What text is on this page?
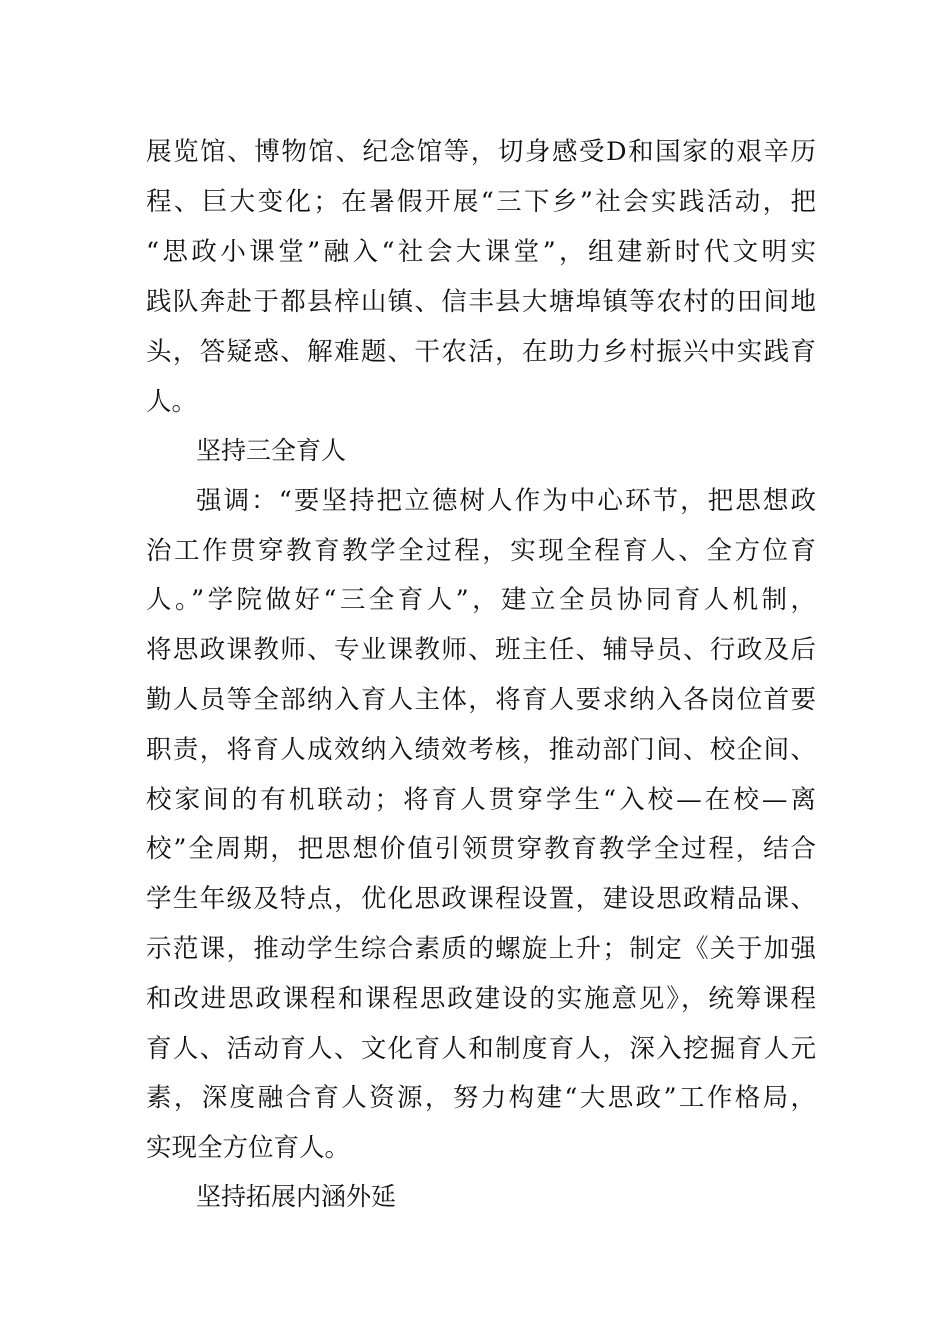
展览馆、博物馆、纪念馆等，切身感受D和国家的艰辛历
程、巨大变化；在暑假开展“三下乡”社会实践活动，把
“思政小课堂”融入“社会大课堂”，组建新时代文明实
践队奔赴于都县梓山镇、信丰县大塘埠镇等农村的田间地
头，答疑惑、解难题、干农活，在助力乡村振兴中实践育
人。
坚持三全育人
强调：“要坚持把立德树人作为中心环节，把思想政
治工作贯穿教育教学全过程，实现全程育人、全方位育
人。”学院做好“三全育人”，建立全员协同育人机制，
将思政课教师、专业课教师、班主任、辅导员、行政及后
勤人员等全部纳入育人主体，将育人要求纳入各岗位首要
职责，将育人成效纳入绩效考核，推动部门间、校企间、
校家间的有机联动；将育人贯穿学生“入校—在校—离
校”全周期，把思想价值引领贯穿教育教学全过程，结合
学生年级及特点，优化思政课程设置，建设思政精品课、
示范课，推动学生综合素质的螺旋上升；制定《关于加强
和改进思政课程和课程思政建设的实施意见》，统筹课程
育人、活动育人、文化育人和制度育人，深入挖掘育人元
素，深度融合育人资源，努力构建“大思政”工作格局，
实现全方位育人。
坚持拓展内涵外延
